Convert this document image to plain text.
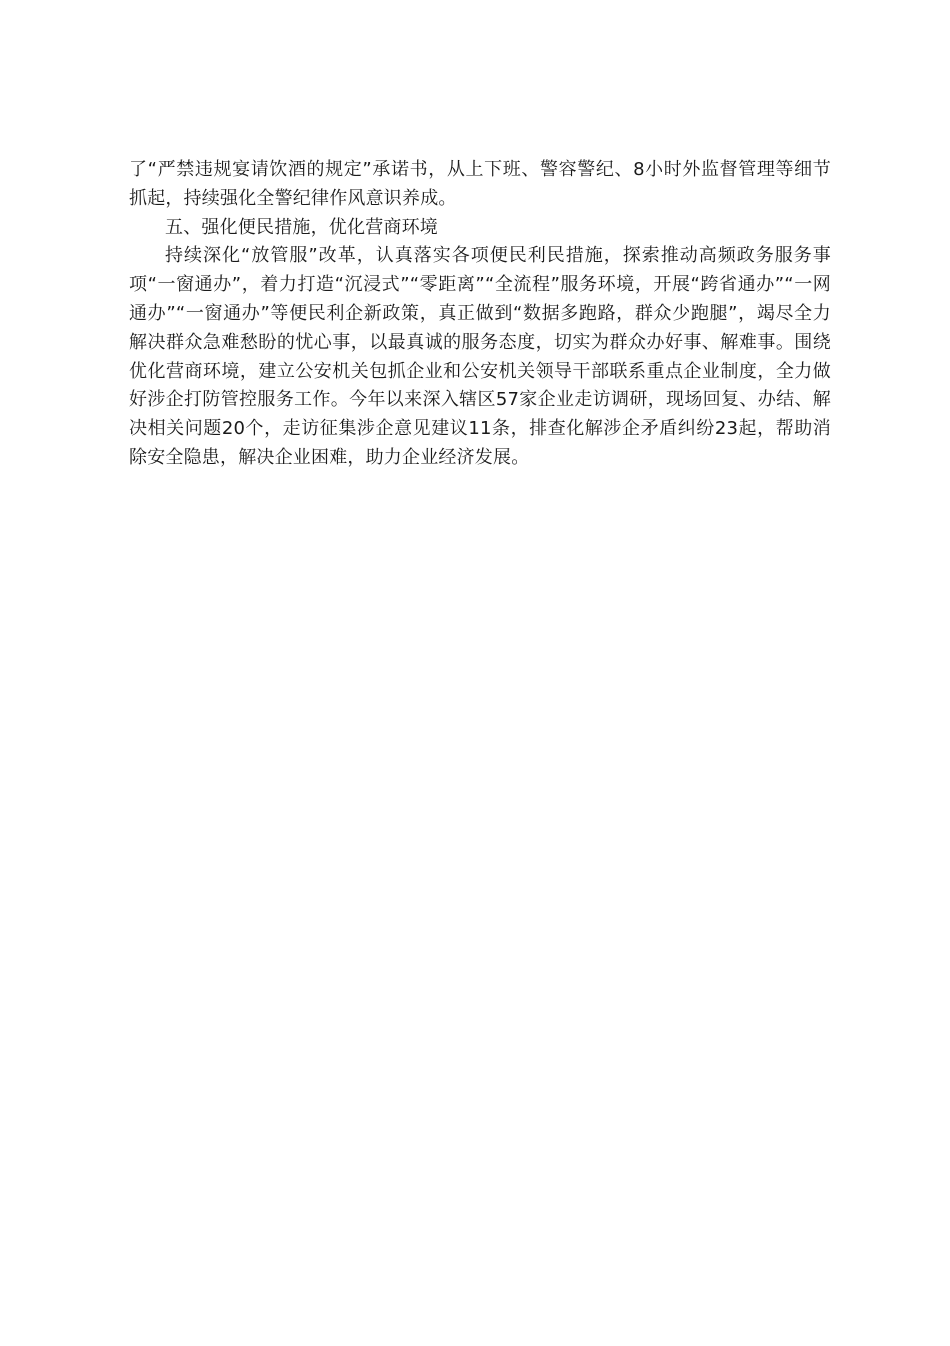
了“严禁违规宴请饮酒的规定”承诺书，从上下班、警容警纪、8小时外监督管理等细节抓起，持续强化全警纪律作风意识养成。

五、强化便民措施，优化营商环境

持续深化“放管服”改革，认真落实各项便民利民措施，探索推动高频政务服务事项“一窗通办”，着力打造“沉浸式”“零距离”“全流程”服务环境，开展“跨省通办”“一网通办”“一窗通办”等便民利企新政策，真正做到“数据多跑路，群众少跑腿”，竭尽全力解决群众急难愁盼的忧心事，以最真诚的服务态度，切实为群众办好事、解难事。围绕优化营商环境，建立公安机关包抓企业和公安机关领导干部联系重点企业制度，全力做好涉企打防管控服务工作。今年以来深入辖区57家企业走访调研，现场回复、办结、解决相关问题20个，走访征集涉企意见建议11条，排查化解涉企矛盾纠纷23起，帮助消除安全隐患，解决企业困难，助力企业经济发展。
